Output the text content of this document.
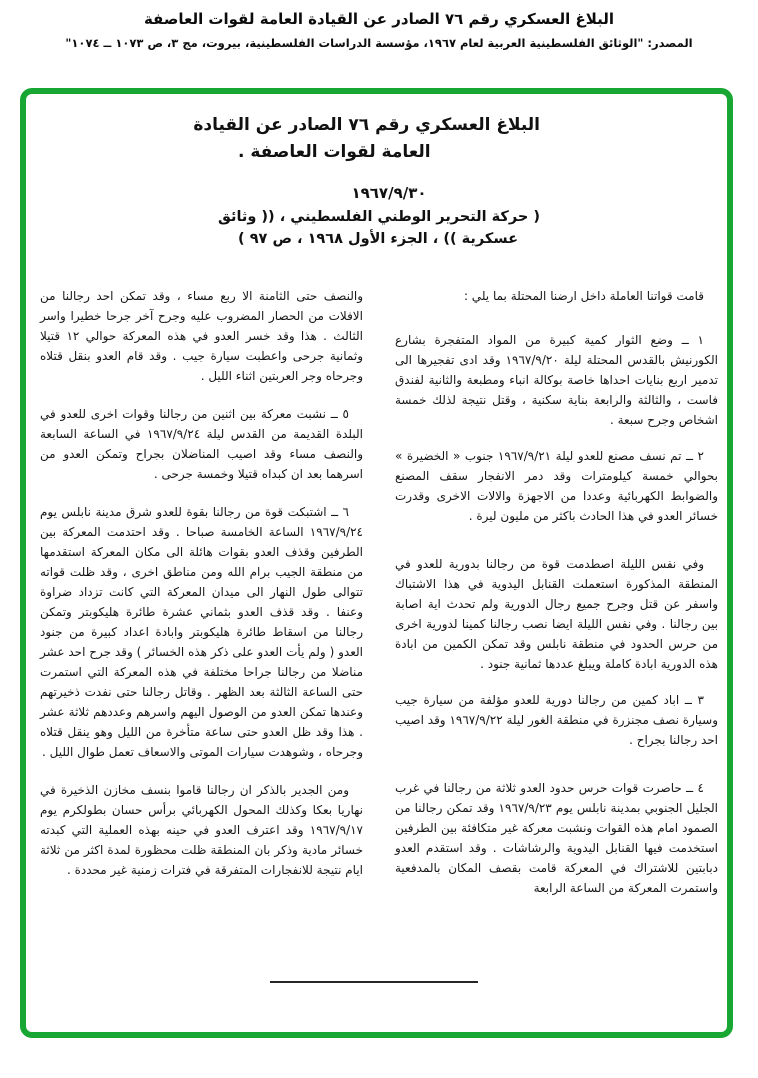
البلاغ العسكري رقم ٧٦ الصادر عن القيادة العامة لقوات العاصفة
المصدر: "الوثائق الفلسطينية العربية لعام ١٩٦٧، مؤسسة الدراسات الفلسطينية، بيروت، مج ٣، ص ١٠٧٣ ــ ١٠٧٤"
البلاغ العسكري رقم ٧٦ الصادر عن القيادة
العامة لقوات العاصفة .
١٩٦٧/٩/٣٠
( حركة التحرير الوطني الفلسطيني ، (( وثائق
عسكرية )) ، الجزء الأول ١٩٦٨ ، ص ٩٧ )

قامت قواتنا العاملة داخل ارضنا المحتلة بما يلي :

١ ــ وضع الثوار كمية كبيرة من المواد المتفجرة بشارع الكورنيش بالقدس المحتلة ليلة ١٩٦٧/٩/٢٠ وقد ادى تفجيرها الى تدمير اربع بنايات احداها خاصة بوكالة انباء ومطبعة والثانية لفندق فاست ، والثالثة والرابعة بناية سكنية ، وقتل نتيجة لذلك خمسة اشخاص وجرح سبعة .

٢ ــ تم نسف مصنع للعدو ليلة ١٩٦٧/٩/٢١ جنوب « الخضيرة » بحوالي خمسة كيلومترات وقد دمر الانفجار سقف المصنع والضوابط الكهربائية وعددا من الاجهزة والالات الاخرى وقدرت خسائر العدو في هذا الحادث باكثر من مليون ليرة .

وفي نفس الليلة اصطدمت قوة من رجالنا بدورية للعدو في المنطقة المذكورة استعملت القنابل اليدوية في هذا الاشتباك واسفر عن قتل وجرح جميع رجال الدورية ولم تحدث اية اصابة بين رجالنا . وفي نفس الليلة ايضا نصب رجالنا كمينا لدورية اخرى من حرس الحدود في منطقة نابلس وقد تمكن الكمين من ابادة هذه الدورية ابادة كاملة ويبلغ عددها ثمانية جنود .

٣ ــ اباد كمين من رجالنا دورية للعدو مؤلفة من سيارة جيب وسيارة نصف مجنزرة في منطقة الغور ليلة ١٩٦٧/٩/٢٢ وقد اصيب احد رجالنا بجراح .

٤ ــ حاصرت قوات حرس حدود العدو ثلاثة من رجالنا في غرب الجليل الجنوبي بمدينة نابلس يوم ١٩٦٧/٩/٢٣ وقد تمكن رجالنا من الصمود امام هذه القوات ونشبت معركة غير متكافئة بين الطرفين استخدمت فيها القنابل اليدوية والرشاشات . وقد استقدم العدو دبابتين للاشتراك في المعركة قامت بقصف المكان بالمدفعية واستمرت المعركة من الساعة الرابعة

والنصف حتى الثامنة الا ربع مساء ، وقد تمكن احد رجالنا من الافلات من الحصار المضروب عليه وجرح آخر جرحا خطيرا واسر الثالث . هذا وقد خسر العدو في هذه المعركة حوالي ١٢ قتيلا وثمانية جرحى واعطبت سيارة جيب . وقد قام العدو بنقل قتلاه وجرحاه وجر العربتين اثناء الليل .

٥ ــ نشبت معركة بين اثنين من رجالنا وقوات اخرى للعدو في البلدة القديمة من القدس ليلة ١٩٦٧/٩/٢٤ في الساعة السابعة والنصف مساء وقد اصيب المناضلان بجراح وتمكن العدو من اسرهما بعد ان كبداه قتيلا وخمسة جرحى .

٦ ــ اشتبكت قوة من رجالنا بقوة للعدو شرق مدينة نابلس يوم ١٩٦٧/٩/٢٤ الساعة الخامسة صباحا . وقد احتدمت المعركة بين الطرفين وقذف العدو بقوات هائلة الى مكان المعركة استقدمها من منطقة الجيب برام الله ومن مناطق اخرى ، وقد ظلت قواته تتوالى طول النهار الى ميدان المعركة التي كانت تزداد ضراوة وعنفا . وقد قذف العدو بثماني عشرة طائرة هليكوبتر وتمكن رجالنا من اسقاط طائرة هليكوبتر وابادة اعداد كبيرة من جنود العدو ( ولم يأت العدو على ذكر هذه الخسائر ) وقد جرح احد عشر مناضلا من رجالنا جراحا مختلفة في هذه المعركة التي استمرت حتى الساعة الثالثة بعد الظهر . وقاتل رجالنا حتى نفدت ذخيرتهم وعندها تمكن العدو من الوصول اليهم واسرهم وعددهم ثلاثة عشر . هذا وقد ظل العدو حتى ساعة متأخرة من الليل وهو ينقل قتلاه وجرحاه ، وشوهدت سيارات الموتى والاسعاف تعمل طوال الليل .

ومن الجدير بالذكر ان رجالنا قاموا بنسف مخازن الذخيرة في نهاريا بعكا وكذلك المحول الكهربائي برأس حسان بطولكرم يوم ١٩٦٧/٩/١٧ وقد اعترف العدو في حينه بهذه العملية التي كبدته خسائر مادية وذكر بان المنطقة ظلت محظورة لمدة اكثر من ثلاثة ايام نتيجة للانفجارات المتفرقة في فترات زمنية غير محددة .
